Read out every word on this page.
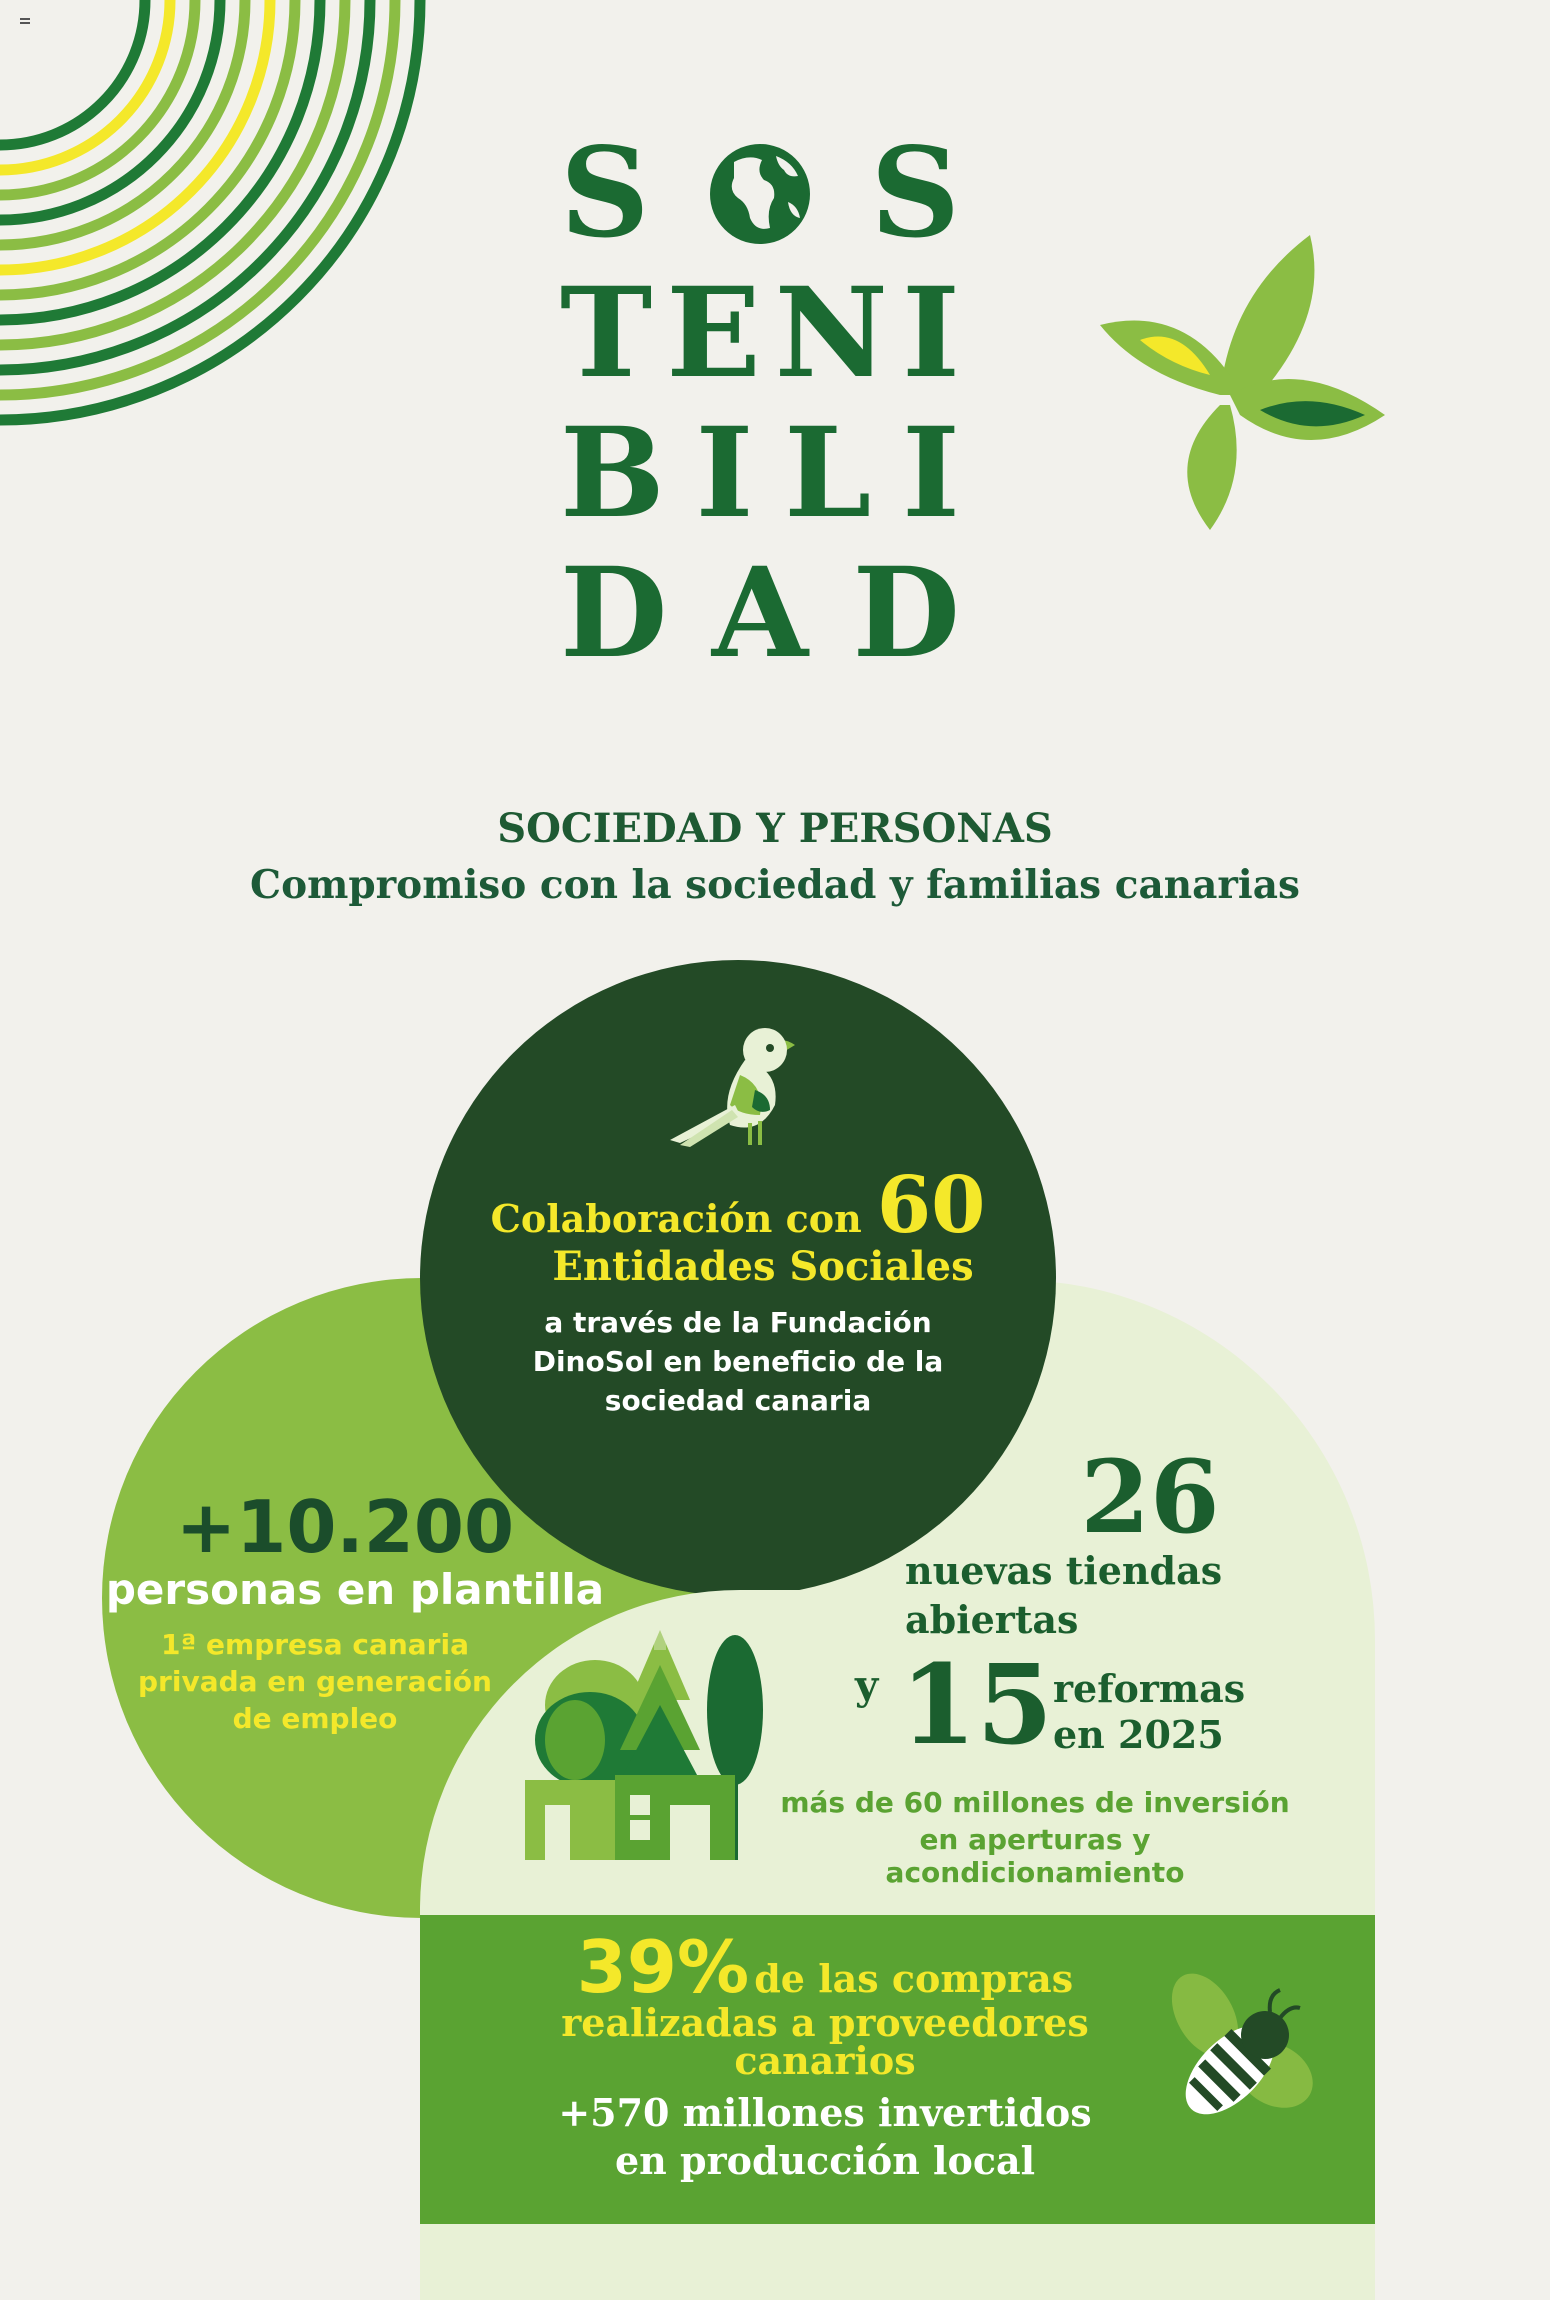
S S
T E N I
B I L I
D A D
SOCIEDAD Y PERSONAS
Compromiso con la sociedad y familias canarias
Colaboración con 60
Entidades Sociales
a través de la Fundación
DinoSol en beneficio de la
sociedad canaria
+10.200
personas en plantilla
1ª empresa canaria
privada en generación
de empleo
26
nuevas tiendas
abiertas
y 15 reformas
en 2025
más de 60 millones de inversión
en aperturas y acondicionamiento
39% de las compras
realizadas a proveedores
canarios
+570 millones invertidos
en producción local
